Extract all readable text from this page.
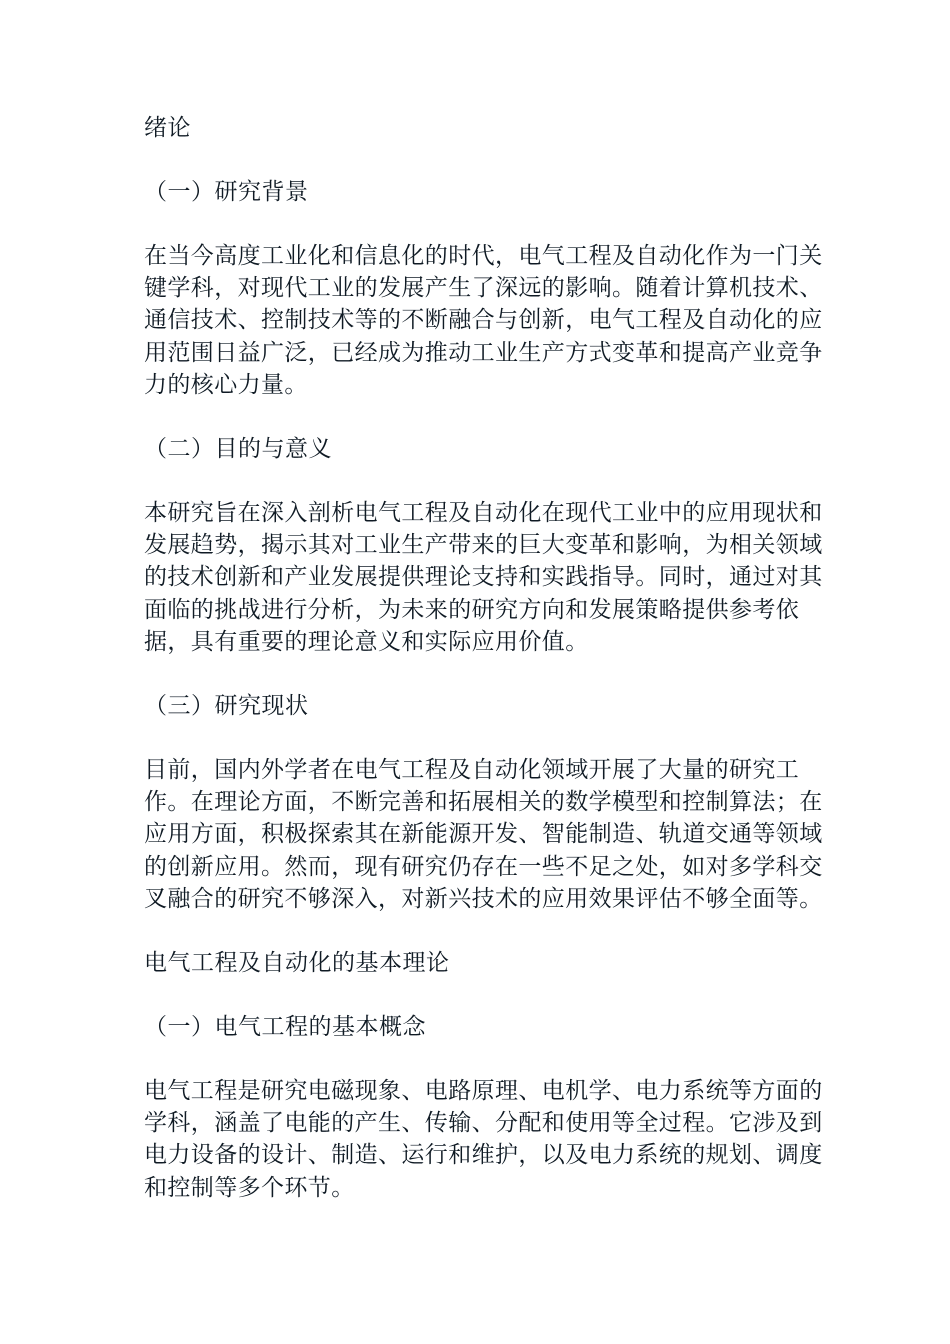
绪论
（一）研究背景

在当今高度工业化和信息化的时代，电气工程及自动化作为一门关键学科，对现代工业的发展产生了深远的影响。随着计算机技术、通信技术、控制技术等的不断融合与创新，电气工程及自动化的应用范围日益广泛，已经成为推动工业生产方式变革和提高产业竞争力的核心力量。

（二）目的与意义

本研究旨在深入剖析电气工程及自动化在现代工业中的应用现状和发展趋势，揭示其对工业生产带来的巨大变革和影响，为相关领域的技术创新和产业发展提供理论支持和实践指导。同时，通过对其面临的挑战进行分析，为未来的研究方向和发展策略提供参考依据，具有重要的理论意义和实际应用价值。

（三）研究现状

目前，国内外学者在电气工程及自动化领域开展了大量的研究工作。在理论方面，不断完善和拓展相关的数学模型和控制算法；在应用方面，积极探索其在新能源开发、智能制造、轨道交通等领域的创新应用。然而，现有研究仍存在一些不足之处，如对多学科交叉融合的研究不够深入，对新兴技术的应用效果评估不够全面等。

电气工程及自动化的基本理论
（一）电气工程的基本概念

电气工程是研究电磁现象、电路原理、电机学、电力系统等方面的学科，涵盖了电能的产生、传输、分配和使用等全过程。它涉及到电力设备的设计、制造、运行和维护，以及电力系统的规划、调度和控制等多个环节。
